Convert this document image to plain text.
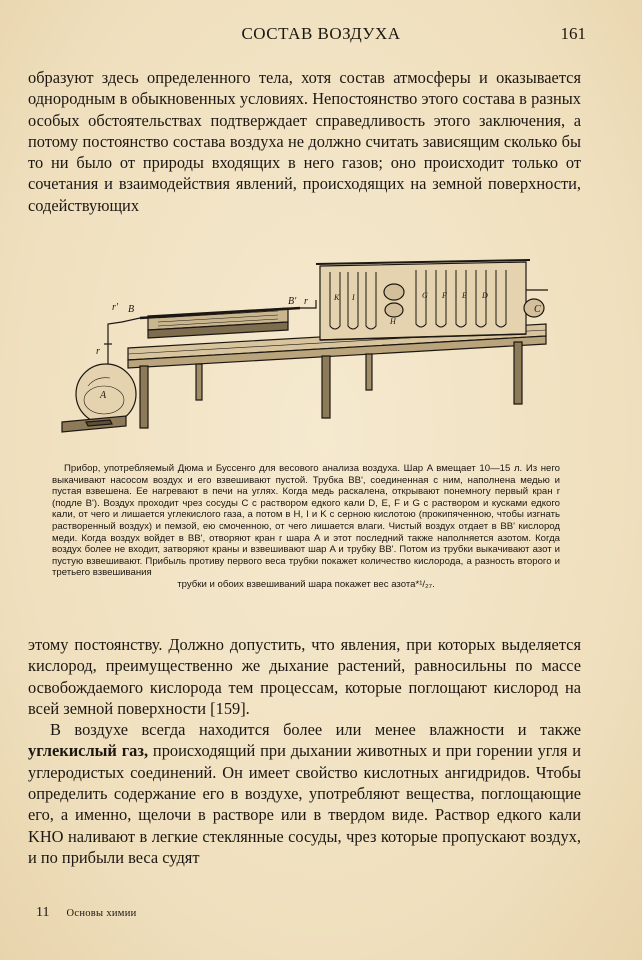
СОСТАВ ВОЗДУХА	161

образуют здесь определенного тела, хотя состав атмосферы и оказывается однородным в обыкновенных условиях. Непостоянство этого состава в разных особых обстоятельствах подтверждает справедливость этого заключения, а потому постоянство состава воздуха не должно считать зависящим сколько бы то ни было от природы входящих в него газов; оно происходит только от сочетания и взаимодействия явлений, происходящих на земной поверхности, содействующих

r' B
B' r
r
A
C
K I
H
G F E D

Прибор, употребляемый Дюма и Буссенго для весового анализа воздуха. Шар A вмещает 10—15 л. Из него выкачивают насосом воздух и его взвешивают пустой. Трубка BB', соединенная с ним, наполнена медью и пустая взвешена. Ее нагревают в печи на углях. Когда медь раскалена, открывают понемногу первый кран r (подле B'). Воздух проходит чрез сосуды C с раствором едкого кали D, E, F и G с раствором и кусками едкого кали, от чего и лишается углекислого газа, а потом в H, I и K с серною кислотою (прокипяченною, чтобы изгнать растворенный воздух) и пемзой, ею смоченною, от чего лишается влаги. Чистый воздух отдает в BB' кислород меди. Когда воздух войдет в BB', отворяют кран r шара A и этот последний также наполняется азотом. Когда воздух более не входит, затворяют краны и взвешивают шар A и трубку BB'. Потом из трубки выкачивают азот и пустую взвешивают. Прибыль противу первого веса трубки покажет количество кислорода, а разность второго и третьего взвешивания

трубки и обоих взвешиваний шара покажет вес азота*¹/₂₇.

этому постоянству. Должно допустить, что явления, при которых выделяется кислород, преимущественно же дыхание растений, равносильны по массе освобождаемого кислорода тем процессам, которые поглощают кислород на всей земной поверхности [159].

В воздухе всегда находится более или менее влажности и также углекислый газ, происходящий при дыхании животных и при горении угля и углеродистых соединений. Он имеет свойство кислотных ангидридов. Чтобы определить содержание его в воздухе, употребляют вещества, поглощающие его, а именно, щелочи в растворе или в твердом виде. Раствор едкого кали KHO наливают в легкие стеклянные сосуды, чрез которые пропускают воздух, и по прибыли веса судят

11 Основы химии
